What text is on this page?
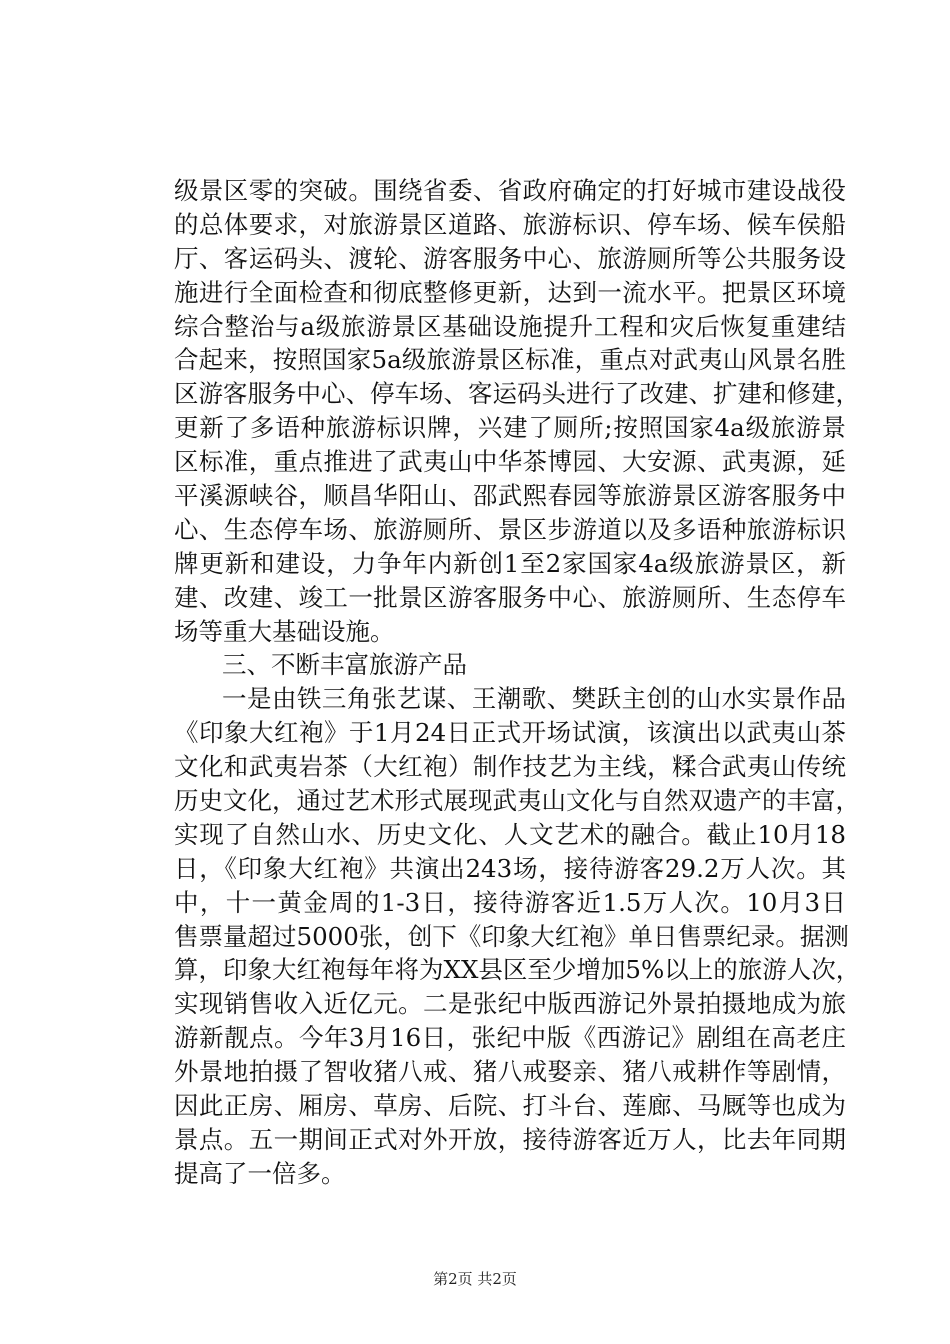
级景区零的突破。围绕省委、省政府确定的打好城市建设战役
的总体要求，对旅游景区道路、旅游标识、停车场、候车侯船
厅、客运码头、渡轮、游客服务中心、旅游厕所等公共服务设
施进行全面检查和彻底整修更新，达到一流水平。把景区环境
综合整治与a级旅游景区基础设施提升工程和灾后恢复重建结
合起来，按照国家5a级旅游景区标准，重点对武夷山风景名胜
区游客服务中心、停车场、客运码头进行了改建、扩建和修建，
更新了多语种旅游标识牌，兴建了厕所;按照国家4a级旅游景
区标准，重点推进了武夷山中华茶博园、大安源、武夷源，延
平溪源峡谷，顺昌华阳山、邵武熙春园等旅游景区游客服务中
心、生态停车场、旅游厕所、景区步游道以及多语种旅游标识
牌更新和建设，力争年内新创1至2家国家4a级旅游景区，新
建、改建、竣工一批景区游客服务中心、旅游厕所、生态停车
场等重大基础设施。
三、不断丰富旅游产品
一是由铁三角张艺谋、王潮歌、樊跃主创的山水实景作品
《印象大红袍》于1月24日正式开场试演，该演出以武夷山茶
文化和武夷岩茶（大红袍）制作技艺为主线，糅合武夷山传统
历史文化，通过艺术形式展现武夷山文化与自然双遗产的丰富，
实现了自然山水、历史文化、人文艺术的融合。截止10月18
日，《印象大红袍》共演出243场，接待游客29.2万人次。其
中，十一黄金周的1-3日，接待游客近1.5万人次。10月3日
售票量超过5000张，创下《印象大红袍》单日售票纪录。据测
算，印象大红袍每年将为XX县区至少增加5%以上的旅游人次，
实现销售收入近亿元。二是张纪中版西游记外景拍摄地成为旅
游新靓点。今年3月16日，张纪中版《西游记》剧组在高老庄
外景地拍摄了智收猪八戒、猪八戒娶亲、猪八戒耕作等剧情，
因此正房、厢房、草房、后院、打斗台、莲廊、马厩等也成为
景点。五一期间正式对外开放，接待游客近万人，比去年同期
提高了一倍多。
第2页 共2页
